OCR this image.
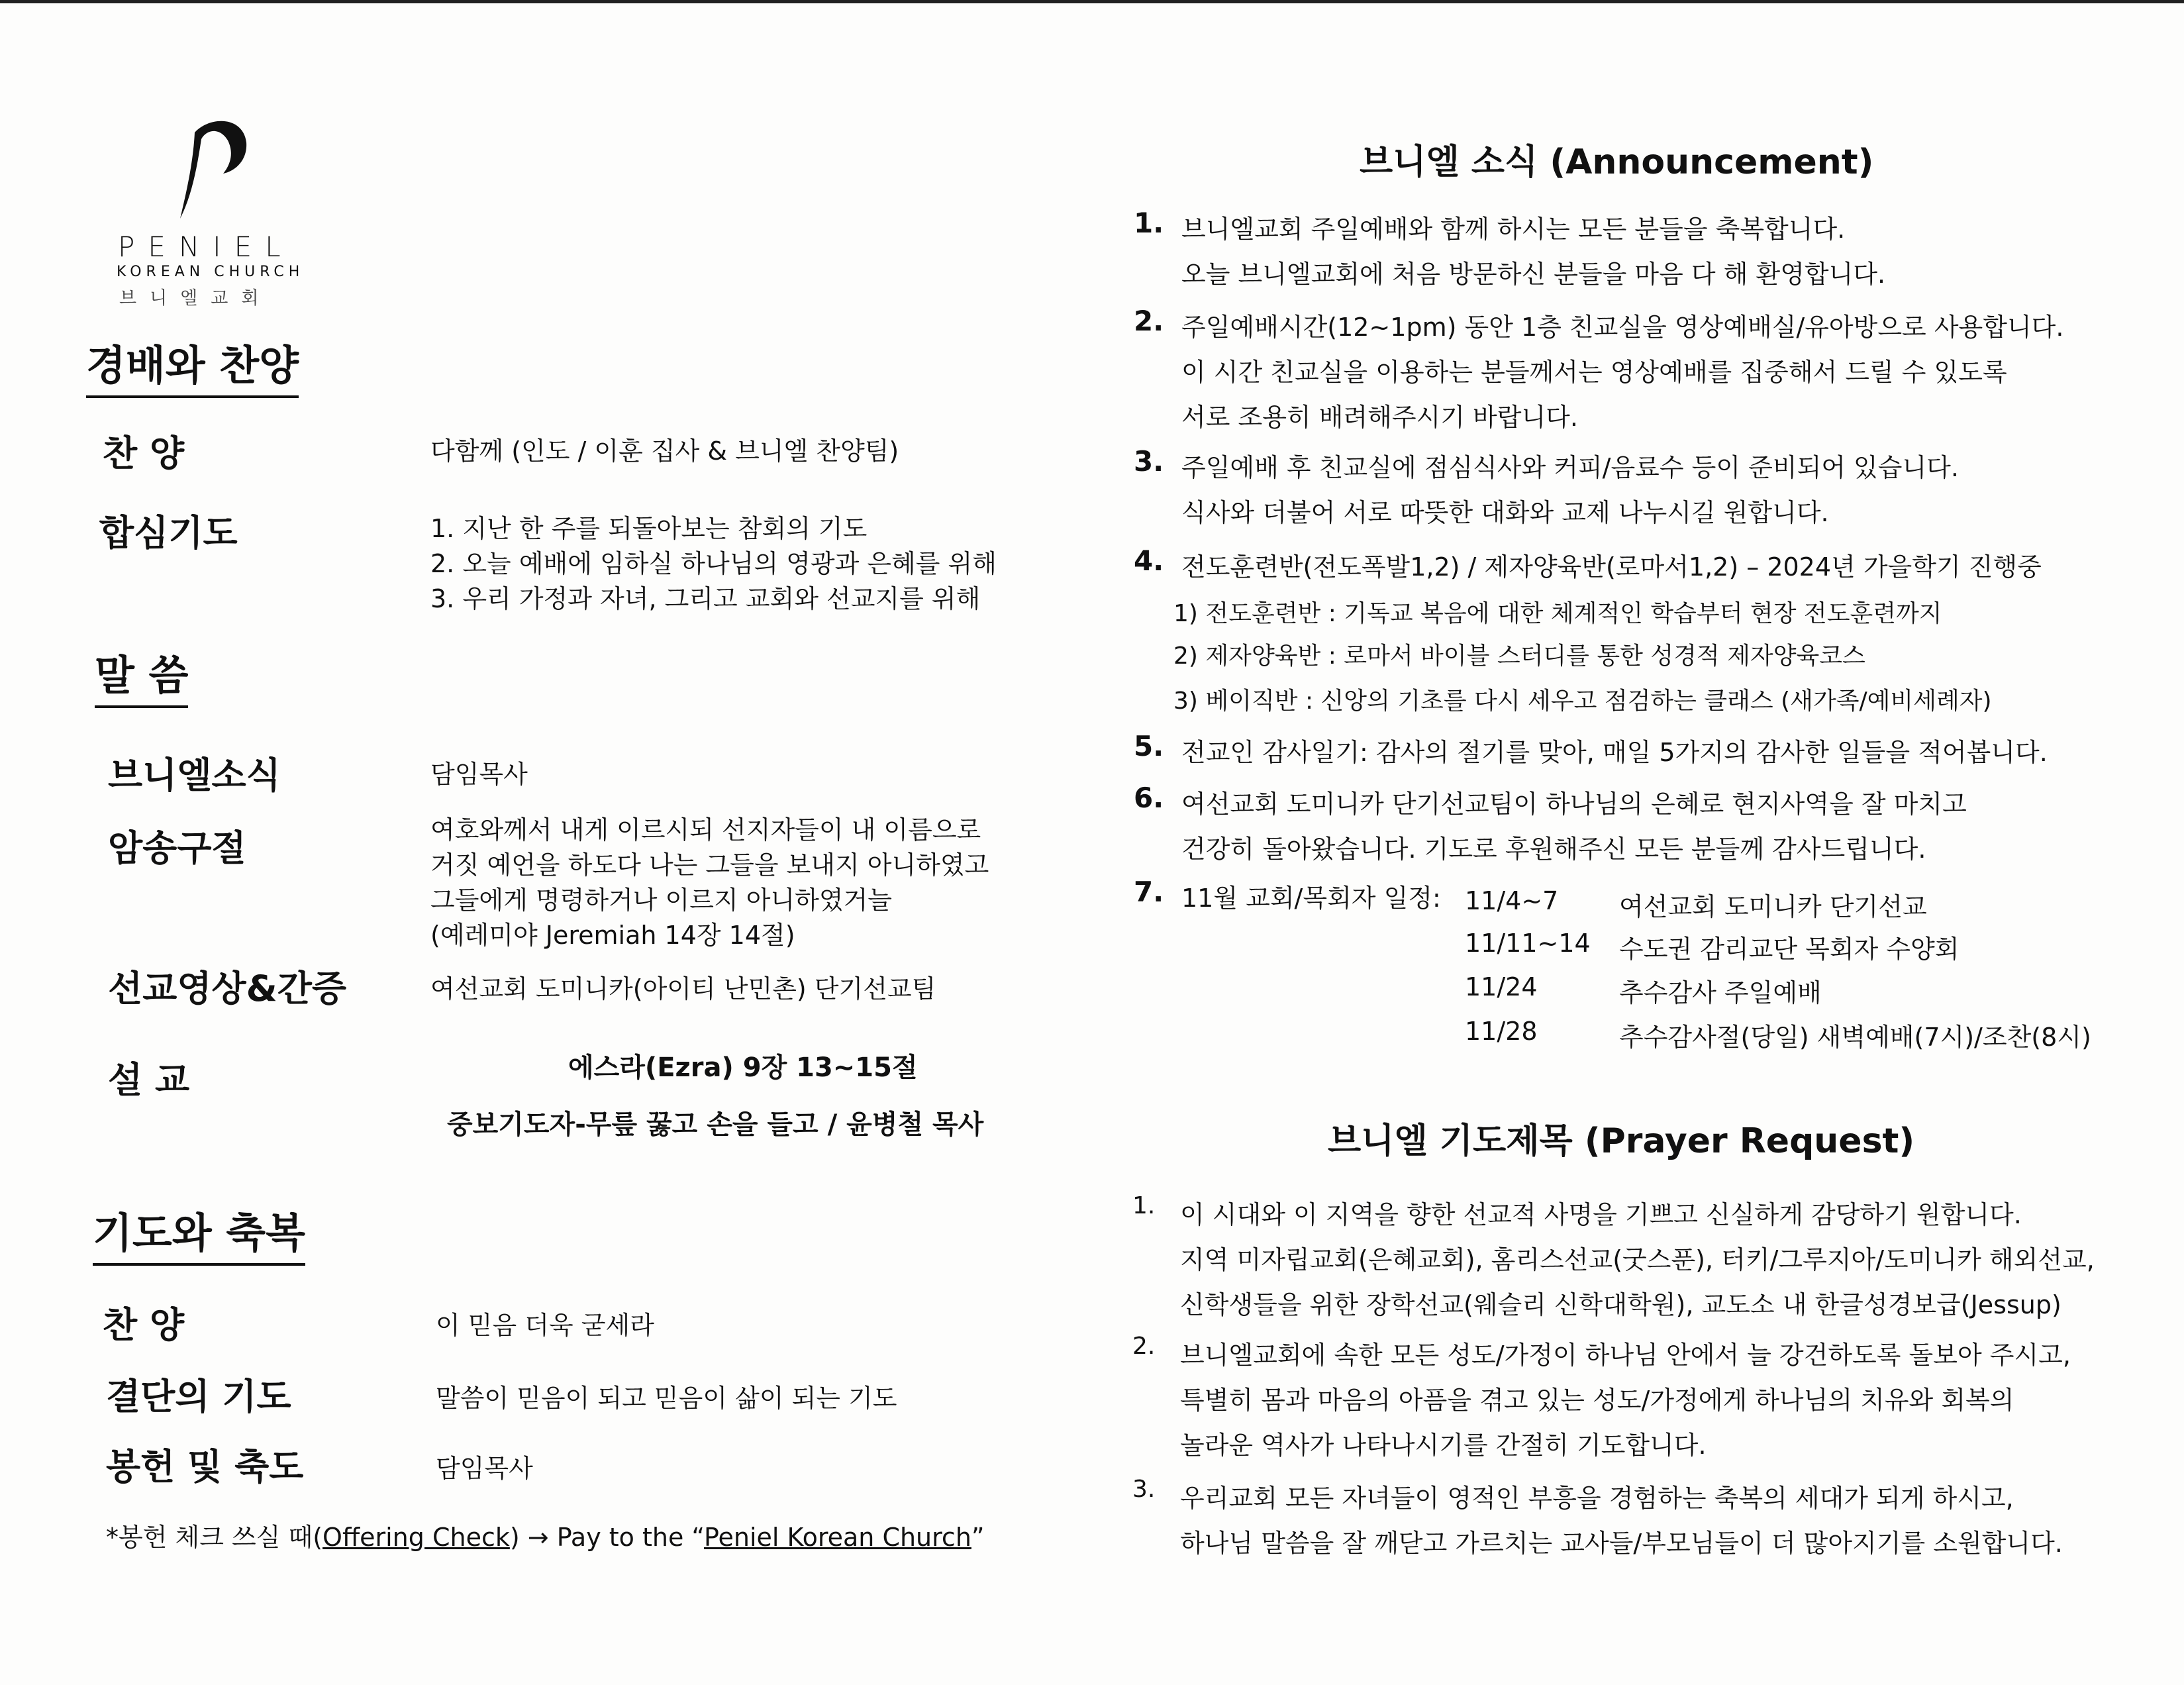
PENIEL
KOREAN CHURCH
브니엘교회
경배와 찬양
찬 양	다함께 (인도 / 이훈 집사 & 브니엘 찬양팀)
합심기도	1. 지난 한 주를 되돌아보는 참회의 기도
2. 오늘 예배에 임하실 하나님의 영광과 은혜를 위해
3. 우리 가정과 자녀, 그리고 교회와 선교지를 위해
말 씀
브니엘소식	담임목사
암송구절	여호와께서 내게 이르시되 선지자들이 내 이름으로
거짓 예언을 하도다 나는 그들을 보내지 아니하였고
그들에게 명령하거나 이르지 아니하였거늘
(예레미야 Jeremiah 14장 14절)
선교영상&간증	여선교회 도미니카(아이티 난민촌) 단기선교팀
설 교	에스라(Ezra) 9장 13~15절
중보기도자-무릎 꿇고 손을 들고 / 윤병철 목사
기도와 축복
찬 양	이 믿음 더욱 굳세라
결단의 기도	말씀이 믿음이 되고 믿음이 삶이 되는 기도
봉헌 및 축도	담임목사
*봉헌 체크 쓰실 때(Offering Check) → Pay to the “Peniel Korean Church”
브니엘 소식 (Announcement)
1. 브니엘교회 주일예배와 함께 하시는 모든 분들을 축복합니다.
오늘 브니엘교회에 처음 방문하신 분들을 마음 다 해 환영합니다.
2. 주일예배시간(12~1pm) 동안 1층 친교실을 영상예배실/유아방으로 사용합니다.
이 시간 친교실을 이용하는 분들께서는 영상예배를 집중해서 드릴 수 있도록
서로 조용히 배려해주시기 바랍니다.
3. 주일예배 후 친교실에 점심식사와 커피/음료수 등이 준비되어 있습니다.
식사와 더불어 서로 따뜻한 대화와 교제 나누시길 원합니다.
4. 전도훈련반(전도폭발1,2) / 제자양육반(로마서1,2) – 2024년 가을학기 진행중
1) 전도훈련반 : 기독교 복음에 대한 체계적인 학습부터 현장 전도훈련까지
2) 제자양육반 : 로마서 바이블 스터디를 통한 성경적 제자양육코스
3) 베이직반 : 신앙의 기초를 다시 세우고 점검하는 클래스 (새가족/예비세례자)
5. 전교인 감사일기: 감사의 절기를 맞아, 매일 5가지의 감사한 일들을 적어봅니다.
6. 여선교회 도미니카 단기선교팀이 하나님의 은혜로 현지사역을 잘 마치고
건강히 돌아왔습니다. 기도로 후원해주신 모든 분들께 감사드립니다.
7. 11월 교회/목회자 일정: 11/4~7 여선교회 도미니카 단기선교
11/11~14 수도권 감리교단 목회자 수양회
11/24	추수감사 주일예배
11/28	추수감사절(당일) 새벽예배(7시)/조찬(8시)
브니엘 기도제목 (Prayer Request)
1. 이 시대와 이 지역을 향한 선교적 사명을 기쁘고 신실하게 감당하기 원합니다.
지역 미자립교회(은혜교회), 홈리스선교(굿스푼), 터키/그루지아/도미니카 해외선교,
신학생들을 위한 장학선교(웨슬리 신학대학원), 교도소 내 한글성경보급(Jessup)
2. 브니엘교회에 속한 모든 성도/가정이 하나님 안에서 늘 강건하도록 돌보아 주시고,
특별히 몸과 마음의 아픔을 겪고 있는 성도/가정에게 하나님의 치유와 회복의
놀라운 역사가 나타나시기를 간절히 기도합니다.
3. 우리교회 모든 자녀들이 영적인 부흥을 경험하는 축복의 세대가 되게 하시고,
하나님 말씀을 잘 깨닫고 가르치는 교사들/부모님들이 더 많아지기를 소원합니다.
